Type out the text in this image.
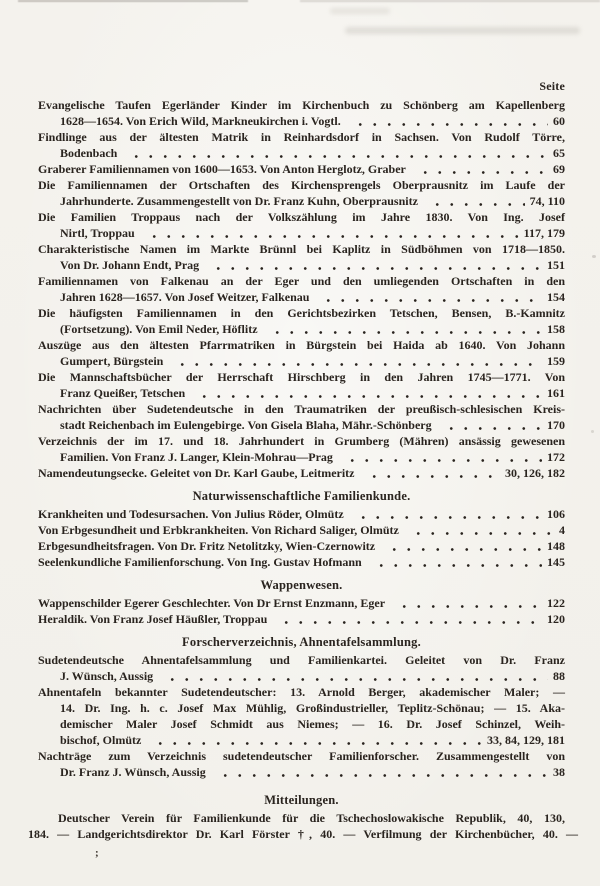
Seite
Evangelische Taufen Egerländer Kinder im Kirchenbuch zu Schönberg am Kapellenberg
1628—1654. Von Erich Wild, Markneukirchen i. Vogtl.	60
Findlinge aus der ältesten Matrik in Reinhardsdorf in Sachsen. Von Rudolf Törre,
Bodenbach	65
Graberer Familiennamen von 1600—1653. Von Anton Herglotz, Graber	69
Die Familiennamen der Ortschaften des Kirchensprengels Oberprausnitz im Laufe der
Jahrhunderte. Zusammengestellt von Dr. Franz Kuhn, Oberprausnitz	74, 110
Die Familien Troppaus nach der Volkszählung im Jahre 1830. Von Ing. Josef
Nirtl, Troppau	117, 179
Charakteristische Namen im Markte Brünnl bei Kaplitz in Südböhmen von 1718—1850.
Von Dr. Johann Endt, Prag	151
Familiennamen von Falkenau an der Eger und den umliegenden Ortschaften in den
Jahren 1628—1657. Von Josef Weitzer, Falkenau	154
Die häufigsten Familiennamen in den Gerichtsbezirken Tetschen, Bensen, B.-Kamnitz
(Fortsetzung). Von Emil Neder, Höflitz	158
Auszüge aus den ältesten Pfarrmatriken in Bürgstein bei Haida ab 1640. Von Johann
Gumpert, Bürgstein	159
Die Mannschaftsbücher der Herrschaft Hirschberg in den Jahren 1745—1771. Von
Franz Queißer, Tetschen	161
Nachrichten über Sudetendeutsche in den Traumatriken der preußisch-schlesischen Kreis-
stadt Reichenbach im Eulengebirge. Von Gisela Blaha, Mähr.-Schönberg	170
Verzeichnis der im 17. und 18. Jahrhundert in Grumberg (Mähren) ansässig gewesenen
Familien. Von Franz J. Langer, Klein-Mohrau—Prag	172
Namendeutungsecke. Geleitet von Dr. Karl Gaube, Leitmeritz	30, 126, 182
Naturwissenschaftliche Familienkunde.
Krankheiten und Todesursachen. Von Julius Röder, Olmütz	106
Von Erbgesundheit und Erbkrankheiten. Von Richard Saliger, Olmütz	4
Erbgesundheitsfragen. Von Dr. Fritz Netolitzky, Wien-Czernowitz	148
Seelenkundliche Familienforschung. Von Ing. Gustav Hofmann	145
Wappenwesen.
Wappenschilder Egerer Geschlechter. Von Dr Ernst Enzmann, Eger	122
Heraldik. Von Franz Josef Häußler, Troppau	120
Forscherverzeichnis, Ahnentafelsammlung.
Sudetendeutsche Ahnentafelsammlung und Familienkartei. Geleitet von Dr. Franz
J. Wünsch, Aussig	88
Ahnentafeln bekannter Sudetendeutscher: 13. Arnold Berger, akademischer Maler; —
14. Dr. Ing. h. c. Josef Max Mühlig, Großindustrieller, Teplitz-Schönau; — 15. Aka-
demischer Maler Josef Schmidt aus Niemes; — 16. Dr. Josef Schinzel, Weih-
bischof, Olmütz	33, 84, 129, 181
Nachträge zum Verzeichnis sudetendeutscher Familienforscher. Zusammengestellt von
Dr. Franz J. Wünsch, Aussig	38
Mitteilungen.
Deutscher Verein für Familienkunde für die Tschechoslowakische Republik, 40, 130,
184. — Landgerichtsdirektor Dr. Karl Förster †, 40. — Verfilmung der Kirchenbücher, 40. —
;
